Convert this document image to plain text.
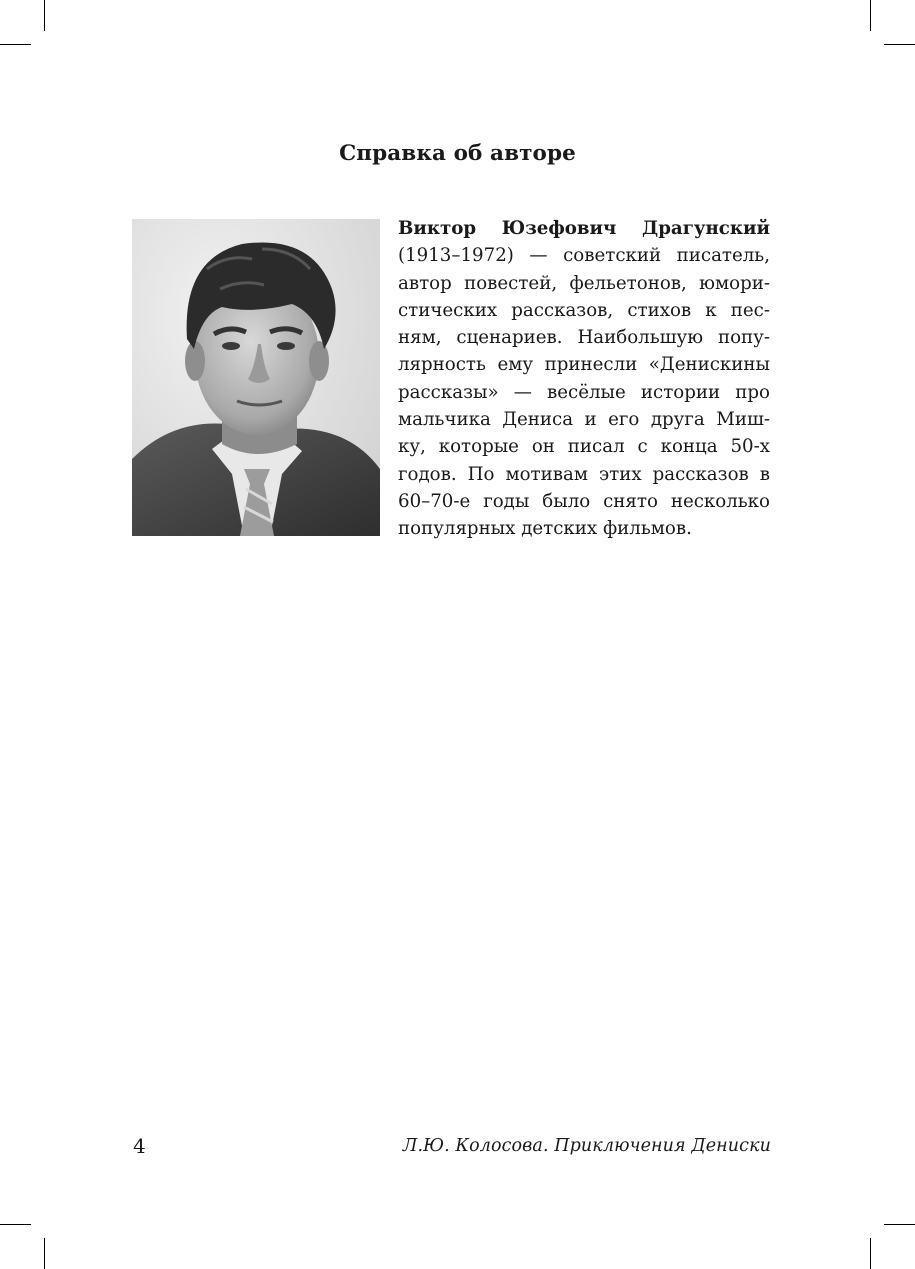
Справка об авторе
Виктор Юзефович Драгунский
(1913–1972) — советский писатель,
автор повестей, фельетонов, юмори-
стических рассказов, стихов к пес-
ням, сценариев. Наибольшую попу-
лярность ему принесли «Денискины
рассказы» — весёлые истории про
мальчика Дениса и его друга Миш-
ку, которые он писал с конца 50-х
годов. По мотивам этих рассказов в
60–70-е годы было снято несколько
популярных детских фильмов.
4	Л.Ю. Колосова. Приключения Дениски
